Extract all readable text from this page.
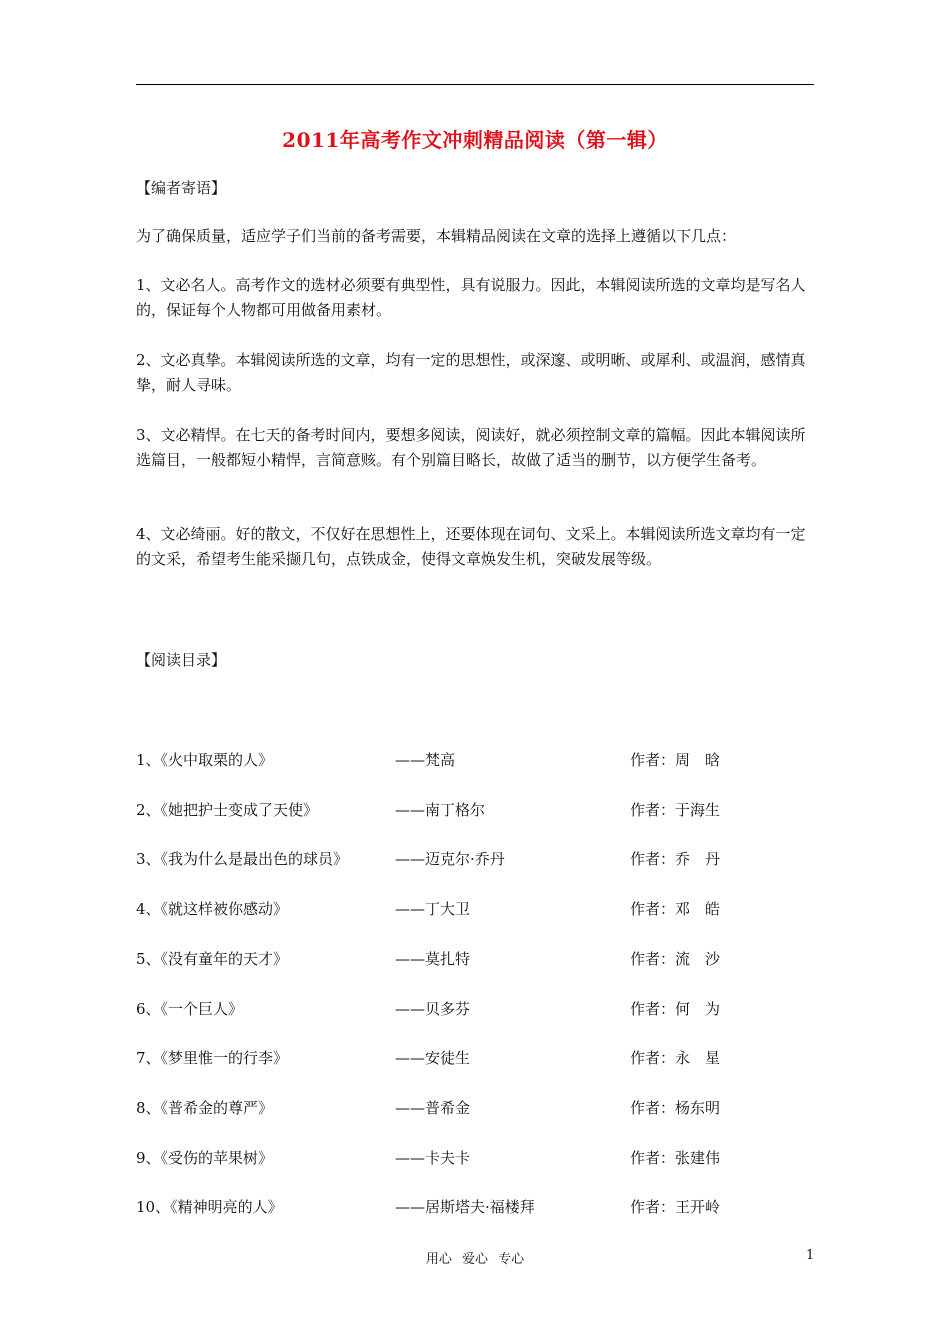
2011年高考作文冲刺精品阅读（第一辑）
【编者寄语】
为了确保质量，适应学子们当前的备考需要，本辑精品阅读在文章的选择上遵循以下几点：
1、文必名人。高考作文的选材必须要有典型性，具有说服力。因此，本辑阅读所选的文章均是写名人的，保证每个人物都可用做备用素材。
2、文必真挚。本辑阅读所选的文章，均有一定的思想性，或深邃、或明晰、或犀利、或温润，感情真挚，耐人寻味。
3、文必精悍。在七天的备考时间内，要想多阅读，阅读好，就必须控制文章的篇幅。因此本辑阅读所选篇目，一般都短小精悍，言简意赅。有个别篇目略长，故做了适当的删节，以方便学生备考。
4、文必绮丽。好的散文，不仅好在思想性上，还要体现在词句、文采上。本辑阅读所选文章均有一定的文采，希望考生能采撷几句，点铁成金，使得文章焕发生机，突破发展等级。
【阅读目录】
1、《火中取栗的人》	——梵高	作者：周　晗
2、《她把护士变成了天使》	——南丁格尔	作者：于海生
3、《我为什么是最出色的球员》	——迈克尔·乔丹	作者：乔　丹
4、《就这样被你感动》	——丁大卫	作者：邓　皓
5、《没有童年的天才》	——莫扎特	作者：流　沙
6、《一个巨人》	——贝多芬	作者：何　为
7、《梦里惟一的行李》	——安徒生	作者：永　星
8、《普希金的尊严》	——普希金	作者：杨东明
9、《受伤的苹果树》	——卡夫卡	作者：张建伟
10、《精神明亮的人》	——居斯塔夫·福楼拜	作者：王开岭
用心 爱心 专心	1
